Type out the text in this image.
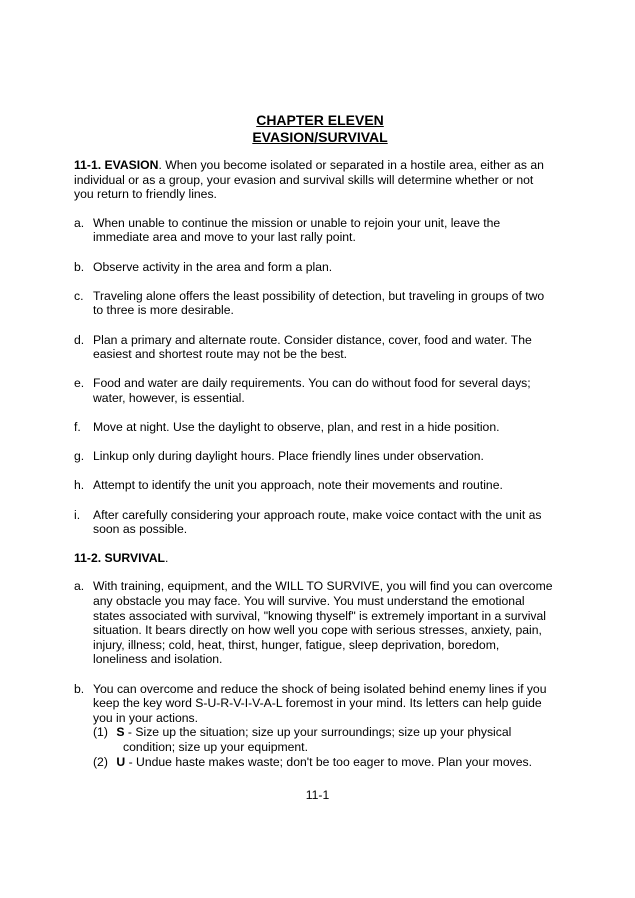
CHAPTER ELEVEN
EVASION/SURVIVAL

11-1. EVASION. When you become isolated or separated in a hostile area, either as an individual or as a group, your evasion and survival skills will determine whether or not you return to friendly lines.

a. When unable to continue the mission or unable to rejoin your unit, leave the immediate area and move to your last rally point.
b. Observe activity in the area and form a plan.
c. Traveling alone offers the least possibility of detection, but traveling in groups of two to three is more desirable.
d. Plan a primary and alternate route. Consider distance, cover, food and water. The easiest and shortest route may not be the best.
e. Food and water are daily requirements. You can do without food for several days; water, however, is essential.
f. Move at night. Use the daylight to observe, plan, and rest in a hide position.
g. Linkup only during daylight hours. Place friendly lines under observation.
h. Attempt to identify the unit you approach, note their movements and routine.
i. After carefully considering your approach route, make voice contact with the unit as soon as possible.

11-2. SURVIVAL.

a. With training, equipment, and the WILL TO SURVIVE, you will find you can overcome any obstacle you may face. You will survive. You must understand the emotional states associated with survival, "knowing thyself" is extremely important in a survival situation. It bears directly on how well you cope with serious stresses, anxiety, pain, injury, illness; cold, heat, thirst, hunger, fatigue, sleep deprivation, boredom, loneliness and isolation.
b. You can overcome and reduce the shock of being isolated behind enemy lines if you keep the key word S-U-R-V-I-V-A-L foremost in your mind. Its letters can help guide you in your actions.
(1) S - Size up the situation; size up your surroundings; size up your physical condition; size up your equipment.
(2) U - Undue haste makes waste; don't be too eager to move. Plan your moves.
11-1
